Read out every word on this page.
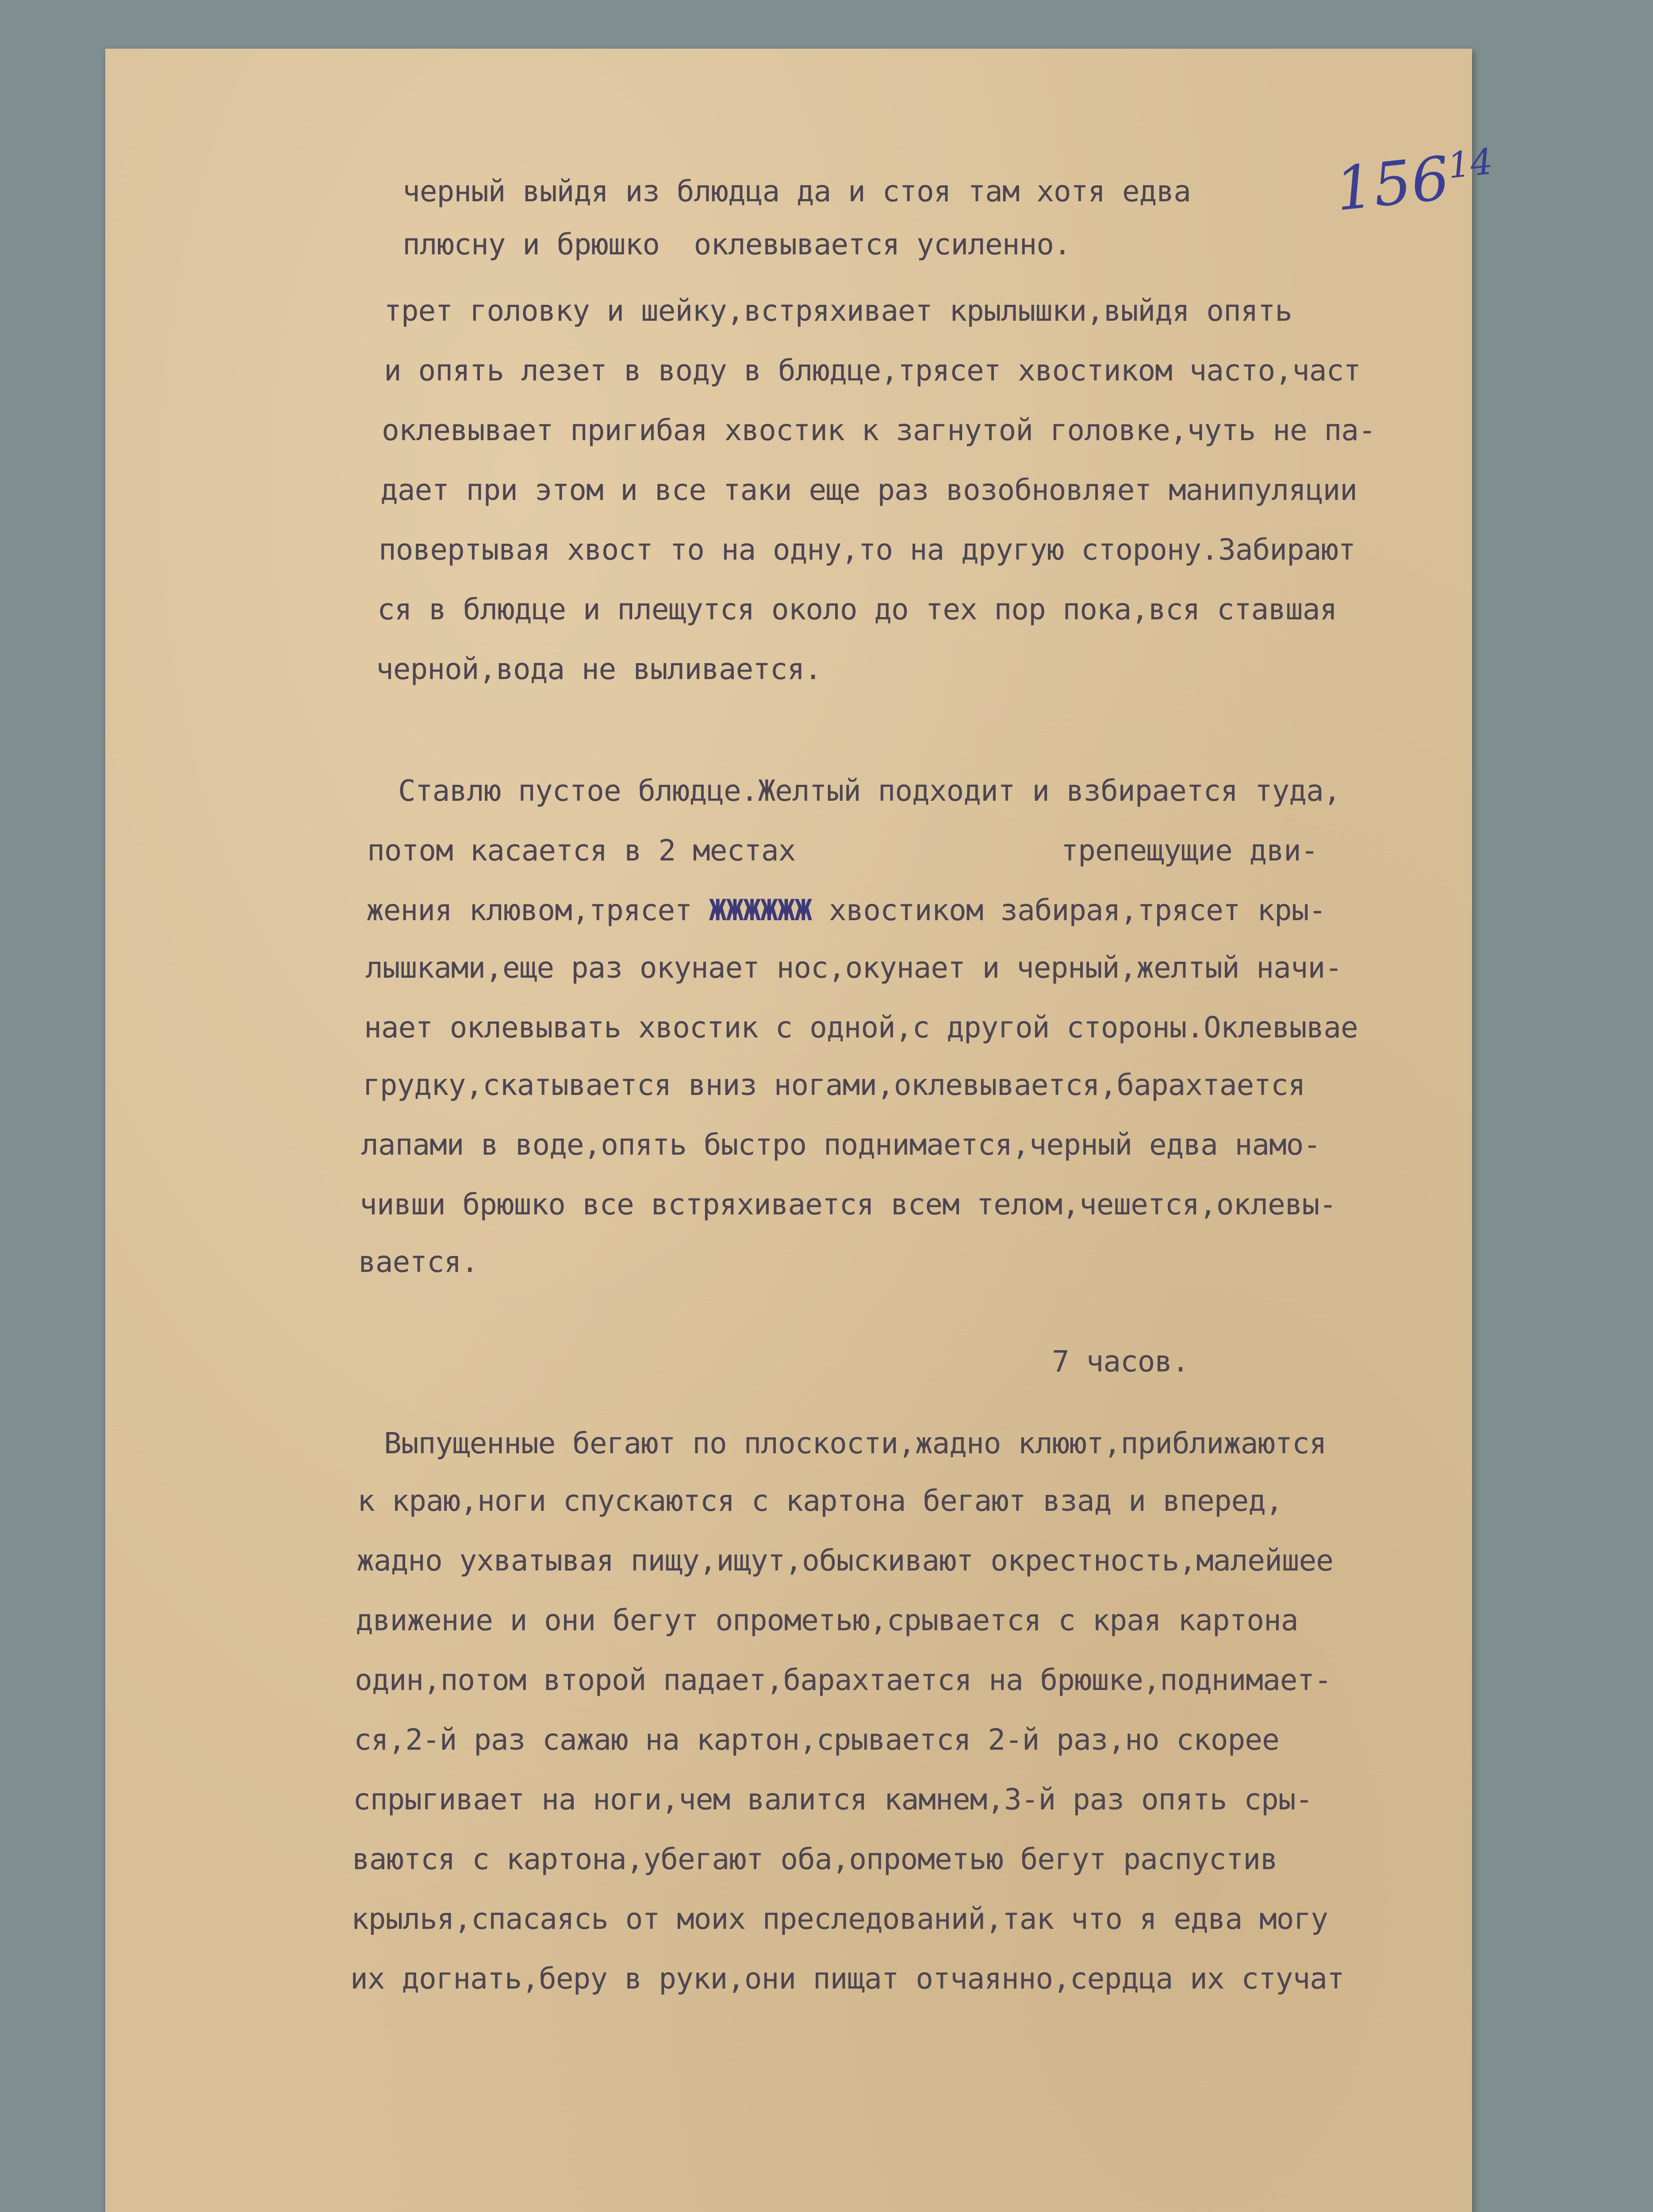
$156^{14}$
черный выйдя из блюдца да и стоя там хотя едва
плюсну и брюшко  оклевывается усиленно.
трет головку и шейку,встряхивает крылышки,выйдя опять
и опять лезет в воду в блюдце,трясет хвостиком часто,част
оклевывает пригибая хвостик к загнутой головке,чуть не па-
дает при этом и все таки еще раз возобновляет манипуляции
повертывая хвост то на одну,то на другую сторону.Забирают
ся в блюдце и плещутся около до тех пор пока,вся ставшая
черной,вода не выливается.
Ставлю пустое блюдце.Желтый подходит и взбирается туда,
потом касается в 2 местах	трепещущие дви-
жения клювом,трясет ЖЖЖЖЖЖ хвостиком забирая,трясет кры-
лышками,еще раз окунает нос,окунает и черный,желтый начи-
нает оклевывать хвостик с одной,с другой стороны.Оклевывае
грудку,скатывается вниз ногами,оклевывается,барахтается
лапами в воде,опять быстро поднимается,черный едва намо-
чивши брюшко все встряхивается всем телом,чешется,оклевы-
вается.
7 часов.
Выпущенные бегают по плоскости,жадно клюют,приближаются
к краю,ноги спускаются с картона бегают взад и вперед,
жадно ухватывая пищу,ищут,обыскивают окрестность,малейшее
движение и они бегут опрометью,срывается с края картона
один,потом второй падает,барахтается на брюшке,поднимает-
ся,2-й раз сажаю на картон,срывается 2-й раз,но скорее
спрыгивает на ноги,чем валится камнем,3-й раз опять сры-
ваются с картона,убегают оба,опрометью бегут распустив
крылья,спасаясь от моих преследований,так что я едва могу
их догнать,беру в руки,они пищат отчаянно,сердца их стучат
